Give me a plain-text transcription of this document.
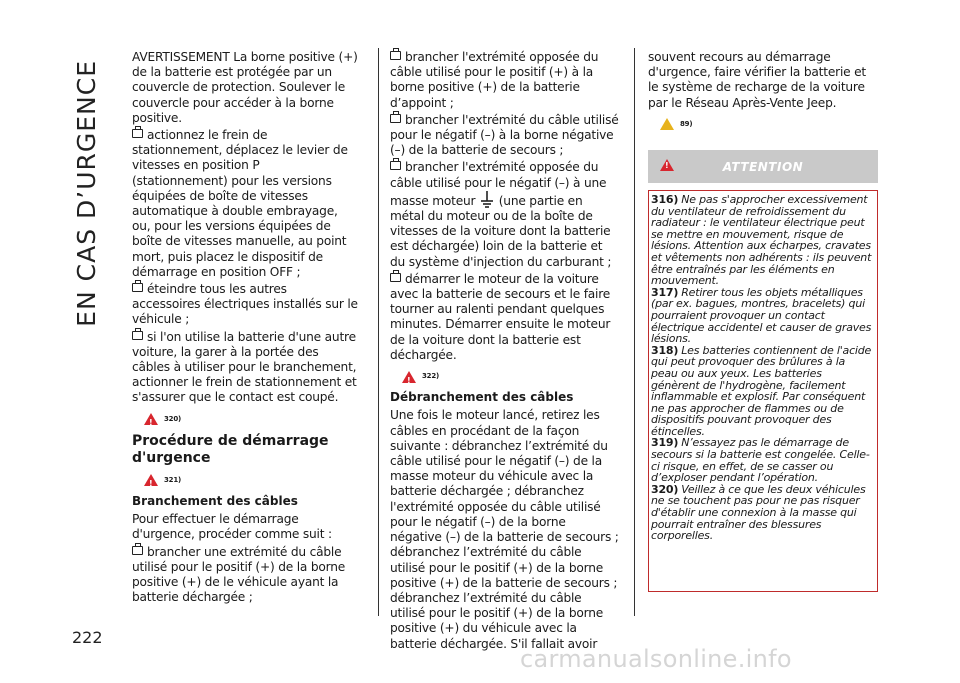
EN CAS D’URGENCE
222

AVERTISSEMENT La borne positive (+) de la batterie est protégée par un couvercle de protection. Soulever le couvercle pour accéder à la borne positive.

actionnez le frein de stationnement, déplacez le levier de vitesses en position P (stationnement) pour les versions équipées de boîte de vitesses automatique à double embrayage, ou, pour les versions équipées de boîte de vitesses manuelle, au point mort, puis placez le dispositif de démarrage en position OFF ;

éteindre tous les autres accessoires électriques installés sur le véhicule ;

si l'on utilise la batterie d'une autre voiture, la garer à la portée des câbles à utiliser pour le branchement, actionner le frein de stationnement et s'assurer que le contact est coupé.

!
320)
Procédure de démarrage d'urgence
!
321)
Branchement des câbles

Pour effectuer le démarrage d'urgence, procéder comme suit :

brancher une extrémité du câble utilisé pour le positif (+) de la borne positive (+) de le véhicule ayant la batterie déchargée ;

brancher l'extrémité opposée du câble utilisé pour le positif (+) à la borne positive (+) de la batterie d’appoint ;

brancher l'extrémité du câble utilisé pour le négatif (–) à la borne négative (–) de la batterie de secours ;

brancher l'extrémité opposée du câble utilisé pour le négatif (–) à une masse moteur (une partie en métal du moteur ou de la boîte de vitesses de la voiture dont la batterie est déchargée) loin de la batterie et du système d'injection du carburant ;

démarrer le moteur de la voiture avec la batterie de secours et le faire tourner au ralenti pendant quelques minutes. Démarrer ensuite le moteur de la voiture dont la batterie est déchargée.

!
322)
Débranchement des câbles

Une fois le moteur lancé, retirez les câbles en procédant de la façon suivante : débranchez l’extrémité du câble utilisé pour le négatif (–) de la masse moteur du véhicule avec la batterie déchargée ; débranchez l'extrémité opposée du câble utilisé pour le négatif (–) de la borne négative (–) de la batterie de secours ; débranchez l’extrémité du câble utilisé pour le positif (+) de la borne positive (+) de la batterie de secours ; débranchez l’extrémité du câble utilisé pour le positif (+) de la borne positive (+) du véhicule avec la batterie déchargée. S'il fallait avoir

souvent recours au démarrage d'urgence, faire vérifier la batterie et le système de recharge de la voiture par le Réseau Après-Vente Jeep.

89)
!
ATTENTION
316) Ne pas s'approcher excessivement du ventilateur de refroidissement du radiateur : le ventilateur électrique peut se mettre en mouvement, risque de lésions. Attention aux écharpes, cravates et vêtements non adhérents : ils peuvent être entraînés par les éléments en mouvement.
317) Retirer tous les objets métalliques (par ex. bagues, montres, bracelets) qui pourraient provoquer un contact électrique accidentel et causer de graves lésions.
318) Les batteries contiennent de l'acide qui peut provoquer des brûlures à la peau ou aux yeux. Les batteries génèrent de l'hydrogène, facilement inflammable et explosif. Par conséquent ne pas approcher de flammes ou de dispositifs pouvant provoquer des étincelles.
319) N’essayez pas le démarrage de secours si la batterie est congelée. Celle-ci risque, en effet, de se casser ou d’exploser pendant l’opération.
320) Veillez à ce que les deux véhicules ne se touchent pas pour ne pas risquer d'établir une connexion à la masse qui pourrait entraîner des blessures corporelles.
carmanualsonline.info
